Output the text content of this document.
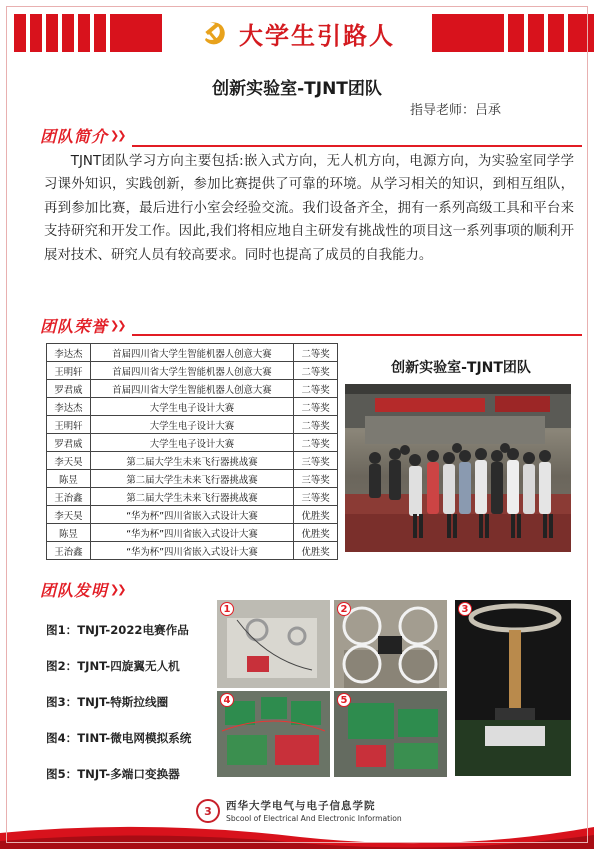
大学生引路人
创新实验室-TJNT团队
指导老师：吕承
团队简介 ❯❯

TJNT团队学习方向主要包括:嵌入式方向，无人机方向，电源方向，为实验室同学学习课外知识，实践创新，参加比赛提供了可靠的环境。从学习相关的知识，到相互组队，再到参加比赛，最后进行小室会经验交流。我们设备齐全，拥有一系列高级工具和平台来支持研究和开发工作。因此,我们将相应地自主研发有挑战性的项目这一系列事项的顺利开展对技术、研究人员有较高要求。同时也提高了成员的自我能力。

团队荣誉 ❯❯
李达杰	首届四川省大学生智能机器人创意大赛	二等奖
王明轩	首届四川省大学生智能机器人创意大赛	二等奖
罗君威	首届四川省大学生智能机器人创意大赛	二等奖
李达杰	大学生电子设计大赛	二等奖
王明轩	大学生电子设计大赛	二等奖
罗君威	大学生电子设计大赛	二等奖
李天昊	第二届大学生未来飞行器挑战赛	三等奖
陈昱	第二届大学生未来飞行器挑战赛	三等奖
王治鑫	第二届大学生未来飞行器挑战赛	三等奖
李天昊	“华为杯”四川省嵌入式设计大赛	优胜奖
陈昱	“华为杯”四川省嵌入式设计大赛	优胜奖
王治鑫	“华为杯”四川省嵌入式设计大赛	优胜奖
创新实验室-TJNT团队
团队发明 ❯❯
图1：TNJT-2022电赛作品
图2：TJNT-四旋翼无人机
图3：TNJT-特斯拉线圈
图4：TINT-微电网模拟系统
图5：TNJT-多端口变换器
1	2	3
4	5
3 西华大学电气与电子信息学院
Sbcool of Electrical And Electronic Information
